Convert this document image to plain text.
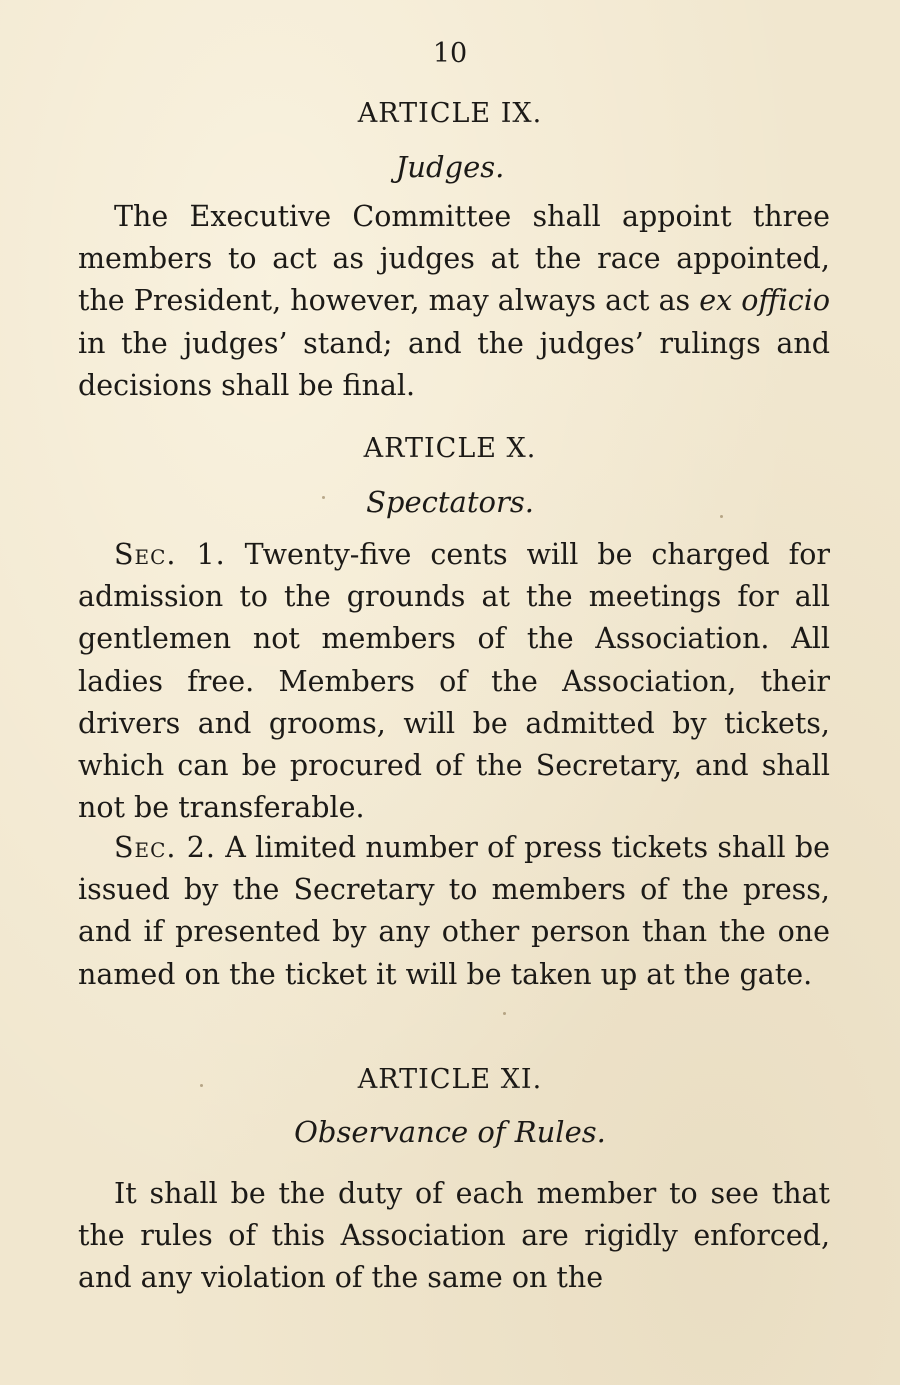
10
ARTICLE IX.
Judges.

The Executive Committee shall appoint three members to act as judges at the race appointed, the President, however, may always act as ex officio in the judges’ stand; and the judges’ rulings and decisions shall be final.

ARTICLE X.
Spectators.

Sec. 1. Twenty-five cents will be charged for admission to the grounds at the meetings for all gentlemen not members of the Association. All ladies free. Members of the Association, their drivers and grooms, will be admitted by tickets, which can be procured of the Secretary, and shall not be transferable.

Sec. 2. A limited number of press tickets shall be issued by the Secretary to members of the press, and if presented by any other person than the one named on the ticket it will be taken up at the gate.

ARTICLE XI.
Observance of Rules.

It shall be the duty of each member to see that the rules of this Association are rigidly enforced, and any violation of the same on the
